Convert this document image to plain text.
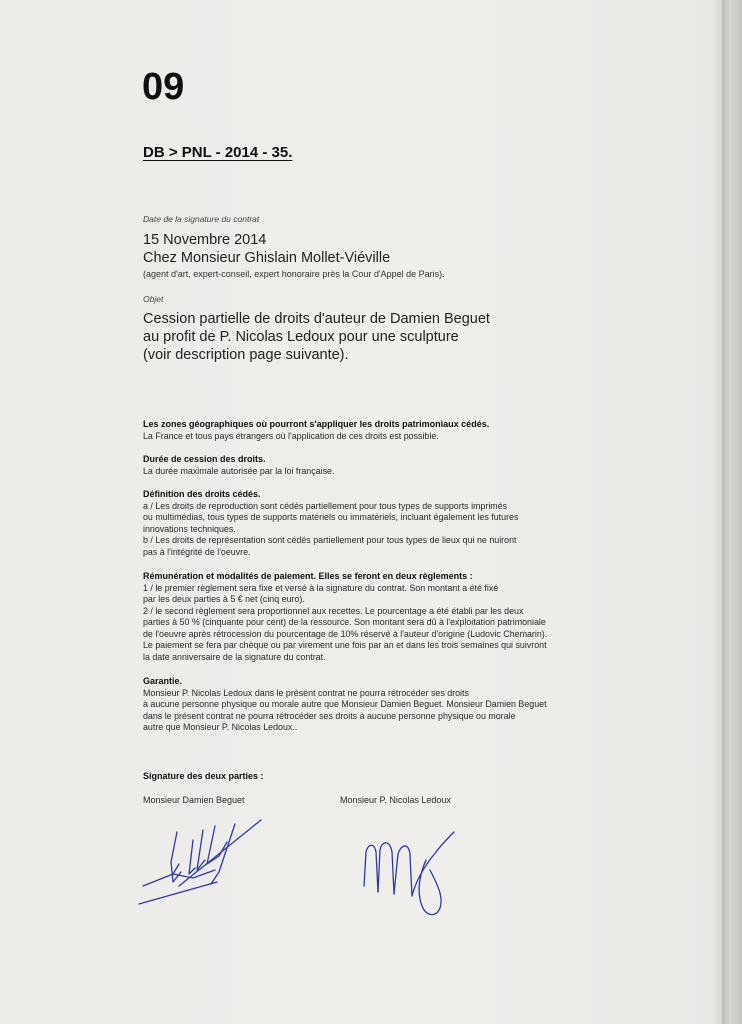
09
DB > PNL - 2014 - 35.
Date de la signature du contrat
15 Novembre 2014
Chez Monsieur Ghislain Mollet-Viéville
(agent d'art, expert-conseil, expert honoraire près la Cour d'Appel de Paris).
Objet
Cession partielle de droits d'auteur de Damien Beguet
au profit de P. Nicolas Ledoux pour une sculpture
(voir description page suivante).
Les zones géographiques où pourront s'appliquer les droits patrimoniaux cédés.
La France et tous pays étrangers où l'application de ces droits est possible.
Durée de cession des droits.
La durée maximale autorisée par la loi française.
Définition des droits cédés.
a / Les droits de reproduction sont cédés partiellement pour tous types de supports imprimés
ou multimédias, tous types de supports matériels ou immatériels, incluant également les futures
innovations techniques.
b / Les droits de représentation sont cédés partiellement pour tous types de lieux qui ne nuiront
pas à l'intégrité de l'oeuvre.
Rémunération et modalités de paiement. Elles se feront en deux règlements :
1 / le premier règlement sera fixe et versé à la signature du contrat. Son montant a été fixé
par les deux parties à 5 € net (cinq euro).
2 / le second règlement sera proportionnel aux recettes. Le pourcentage a été établi par les deux
parties à 50 % (cinquante pour cent) de la ressource. Son montant sera dû à l'exploitation patrimoniale
de l'oeuvre après rétrocession du pourcentage de 10% réservé à l'auteur d'origine (Ludovic Chemarin).
Le paiement se fera par chèque ou par virement une fois par an et dans les trois semaines qui suivront
la date anniversaire de la signature du contrat.
Garantie.
Monsieur P. Nicolas Ledoux dans le présent contrat ne pourra rétrocéder ses droits
à aucune personne physique ou morale autre que Monsieur Damien Beguet. Monsieur Damien Beguet
dans le présent contrat ne pourra rétrocéder ses droits à aucune personne physique ou morale
autre que Monsieur P. Nicolas Ledoux..
Signature des deux parties :
Monsieur Damien Beguet	Monsieur P. Nicolas Ledoux
